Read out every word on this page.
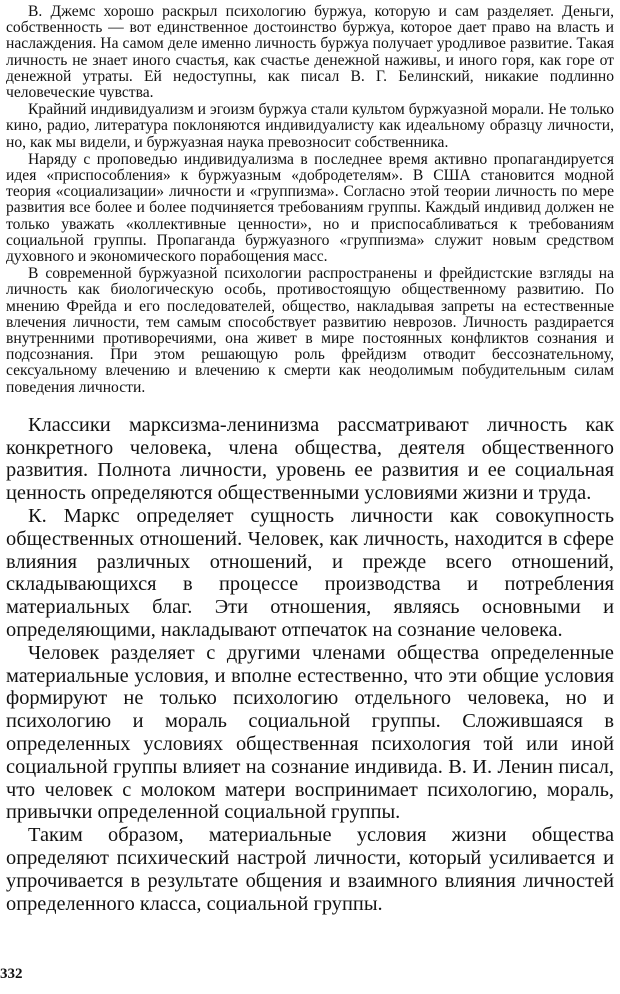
В. Джемс хорошо раскрыл психологию буржуа, которую и сам разделяет. Деньги, собственность — вот единственное достоинство буржуа, которое дает право на власть и наслаждения. На самом деле именно личность буржуа получает уродливое развитие. Такая личность не знает иного счастья, как счастье денежной наживы, и иного горя, как горе от денежной утраты. Ей недоступны, как писал В. Г. Белинский, никакие подлинно человеческие чувства.

Крайний индивидуализм и эгоизм буржуа стали культом буржуазной морали. Не только кино, радио, литература поклоняются индивидуалисту как идеальному образцу личности, но, как мы видели, и буржуазная наука превозносит собственника.

Наряду с проповедью индивидуализма в последнее время активно пропагандируется идея «приспособления» к буржуазным «добродетелям». В США становится модной теория «социализации» личности и «группизма». Согласно этой теории личность по мере развития все более и более подчиняется требованиям группы. Каждый индивид должен не только уважать «коллективные ценности», но и приспосабливаться к требованиям социальной группы. Пропаганда буржуазного «группизма» служит новым средством духовного и экономического порабощения масс.

В современной буржуазной психологии распространены и фрейдистские взгляды на личность как биологическую особь, противостоящую общественному развитию. По мнению Фрейда и его последователей, общество, накладывая запреты на естественные влечения личности, тем самым способствует развитию неврозов. Личность раздирается внутренними противоречиями, она живет в мире постоянных конфликтов сознания и подсознания. При этом решающую роль фрейдизм отводит бессознательному, сексуальному влечению и влечению к смерти как неодолимым побудительным силам поведения личности.

Классики марксизма-ленинизма рассматривают личность как конкретного человека, члена общества, деятеля общественного развития. Полнота личности, уровень ее развития и ее социальная ценность определяются общественными условиями жизни и труда.

К. Маркс определяет сущность личности как совокупность общественных отношений. Человек, как личность, находится в сфере влияния различных отношений, и прежде всего отношений, складывающихся в процессе производства и потребления материальных благ. Эти отношения, являясь основными и определяющими, накладывают отпечаток на сознание человека.

Человек разделяет с другими членами общества определенные материальные условия, и вполне естественно, что эти общие условия формируют не только психологию отдельного человека, но и психологию и мораль социальной группы. Сложившаяся в определенных условиях общественная психология той или иной социальной группы влияет на сознание индивида. В. И. Ленин писал, что человек с молоком матери воспринимает психологию, мораль, привычки определенной социальной группы.

Таким образом, материальные условия жизни общества определяют психический настрой личности, который усиливается и упрочивается в результате общения и взаимного влияния личностей определенного класса, социальной группы.

332
